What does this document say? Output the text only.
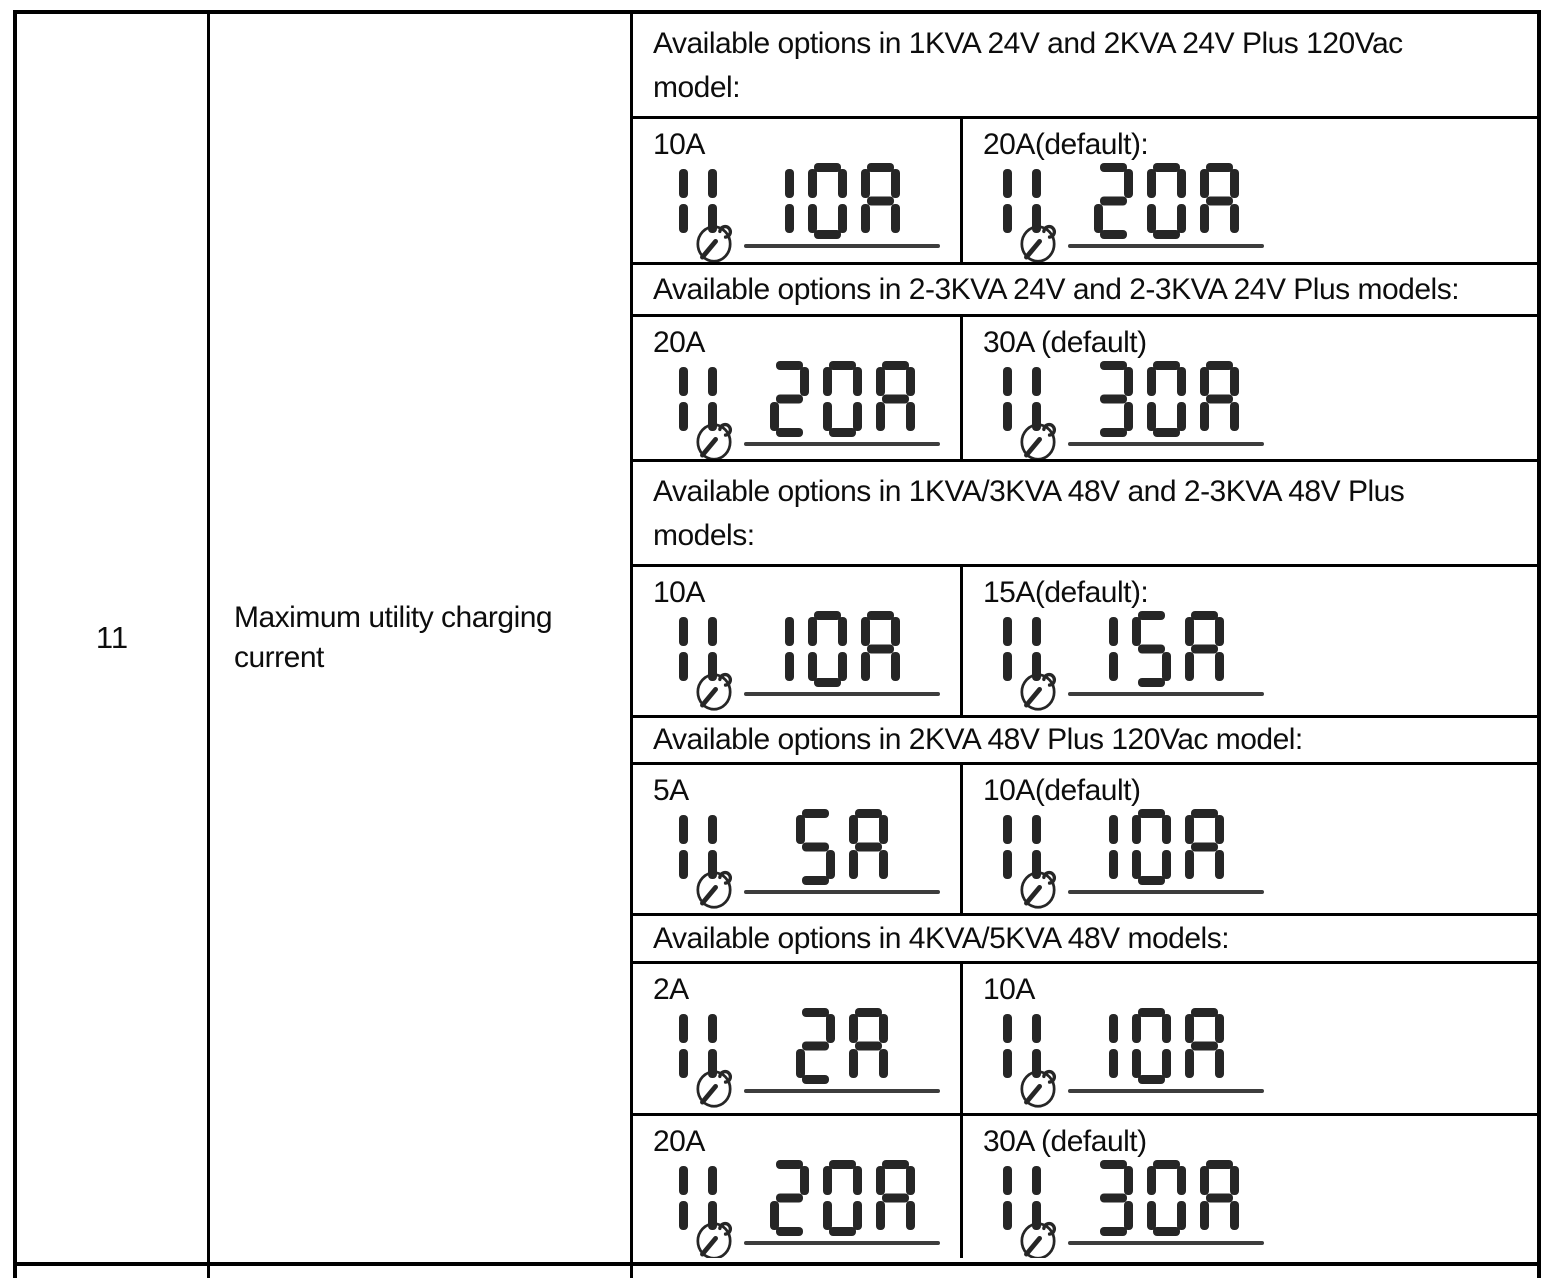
11
Maximum utility charging current
Available options in 1KVA 24V and 2KVA 24V Plus 120Vac model:
10A	20A(default):
Available options in 2-3KVA 24V and 2-3KVA 24V Plus models:
20A	30A (default)
Available options in 1KVA/3KVA 48V and 2-3KVA 48V Plus models:
10A	15A(default):
Available options in 2KVA 48V Plus 120Vac model:
5A	10A(default)
Available options in 4KVA/5KVA 48V models:
2A	10A
20A	30A (default)
